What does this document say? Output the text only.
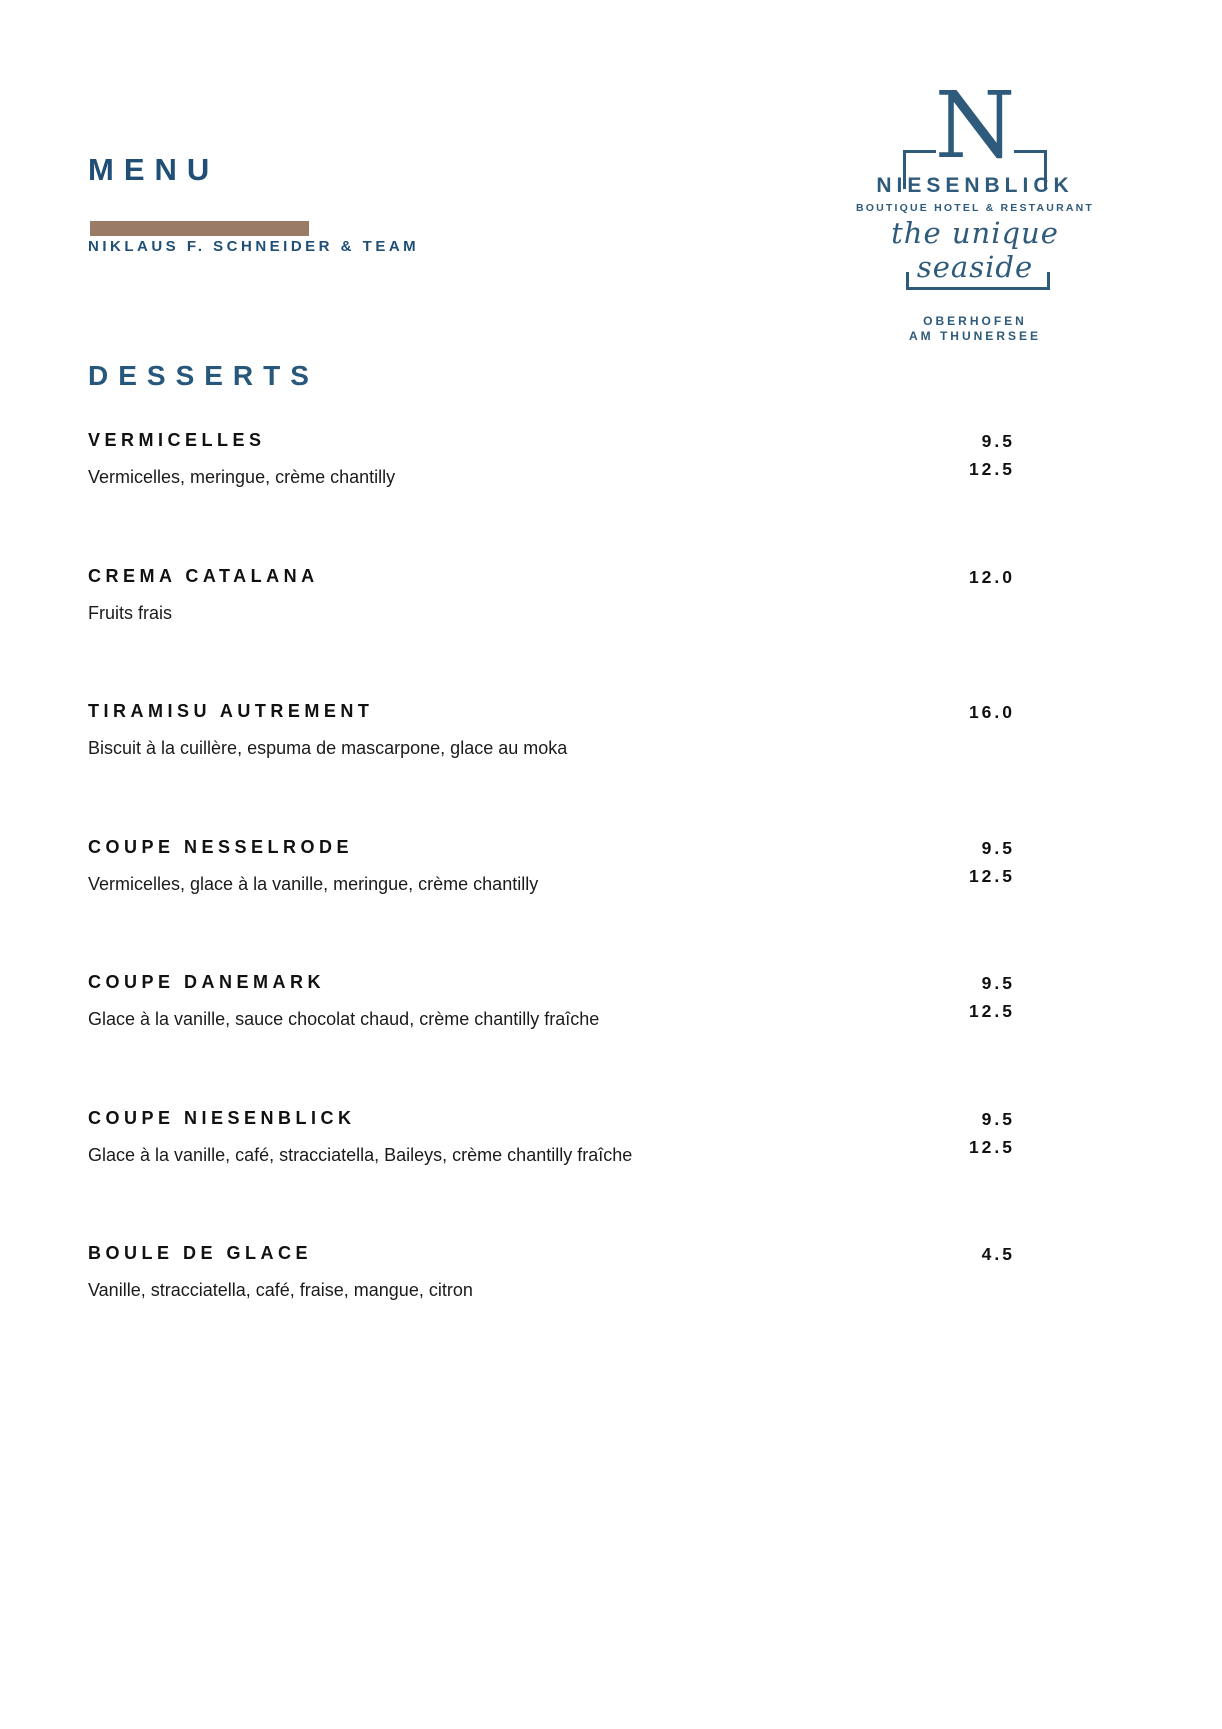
MENU
NIKLAUS F. SCHNEIDER & TEAM
N
NIESENBLICK
BOUTIQUE HOTEL & RESTAURANT
the unique seaside
OBERHOFEN
AM THUNERSEE
DESSERTS
VERMICELLES	9.5
12.5
Vermicelles, meringue, crème chantilly
CREMA CATALANA	12.0
Fruits frais
TIRAMISU AUTREMENT	16.0
Biscuit à la cuillère, espuma de mascarpone, glace au moka
COUPE NESSELRODE	9.5
12.5
Vermicelles, glace à la vanille, meringue, crème chantilly
COUPE DANEMARK	9.5
12.5
Glace à la vanille, sauce chocolat chaud, crème chantilly fraîche
COUPE NIESENBLICK	9.5
12.5
Glace à la vanille, café, stracciatella, Baileys, crème chantilly fraîche
BOULE DE GLACE	4.5
Vanille, stracciatella, café, fraise, mangue, citron
